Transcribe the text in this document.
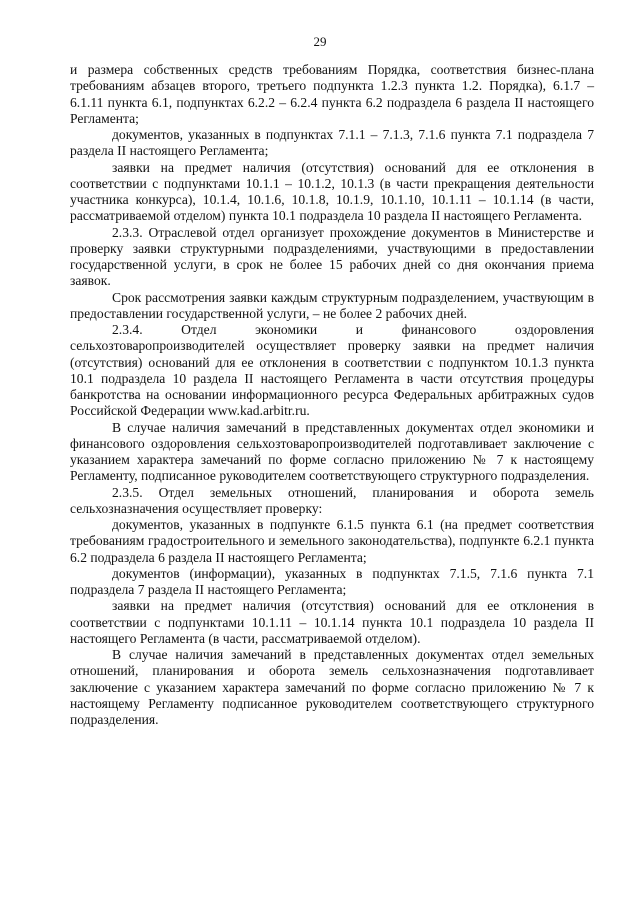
29

и размера собственных средств требованиям Порядка, соответствия бизнес-плана требованиям абзацев второго, третьего подпункта 1.2.3 пункта 1.2. Порядка), 6.1.7 – 6.1.11 пункта 6.1, подпунктах 6.2.2 – 6.2.4 пункта 6.2 подраздела 6 раздела II настоящего Регламента;

документов, указанных в подпунктах 7.1.1 – 7.1.3, 7.1.6 пункта 7.1 подраздела 7 раздела II настоящего Регламента;

заявки на предмет наличия (отсутствия) оснований для ее отклонения в соответствии с подпунктами 10.1.1 – 10.1.2, 10.1.3 (в части прекращения деятельности участника конкурса), 10.1.4, 10.1.6, 10.1.8, 10.1.9, 10.1.10, 10.1.11 – 10.1.14 (в части, рассматриваемой отделом) пункта 10.1 подраздела 10 раздела II настоящего Регламента.

2.3.3. Отраслевой отдел организует прохождение документов в Министерстве и проверку заявки структурными подразделениями, участвующими в предоставлении государственной услуги, в срок не более 15 рабочих дней со дня окончания приема заявок.

Срок рассмотрения заявки каждым структурным подразделением, участвующим в предоставлении государственной услуги, – не более 2 рабочих дней.

2.3.4. Отдел экономики и финансового оздоровления сельхозтоваропроизводителей осуществляет проверку заявки на предмет наличия (отсутствия) оснований для ее отклонения в соответствии с подпунктом 10.1.3 пункта 10.1 подраздела 10 раздела II настоящего Регламента в части отсутствия процедуры банкротства на основании информационного ресурса Федеральных арбитражных судов Российской Федерации www.kad.arbitr.ru.

В случае наличия замечаний в представленных документах отдел экономики и финансового оздоровления сельхозтоваропроизводителей подготавливает заключение с указанием характера замечаний по форме согласно приложению № 7 к настоящему Регламенту, подписанное руководителем соответствующего структурного подразделения.

2.3.5. Отдел земельных отношений, планирования и оборота земель сельхозназначения осуществляет проверку:

документов, указанных в подпункте 6.1.5 пункта 6.1 (на предмет соответствия требованиям градостроительного и земельного законодательства), подпункте 6.2.1 пункта 6.2 подраздела 6 раздела II настоящего Регламента;

документов (информации), указанных в подпунктах 7.1.5, 7.1.6 пункта 7.1 подраздела 7 раздела II настоящего Регламента;

заявки на предмет наличия (отсутствия) оснований для ее отклонения в соответствии с подпунктами 10.1.11 – 10.1.14 пункта 10.1 подраздела 10 раздела II настоящего Регламента (в части, рассматриваемой отделом).

В случае наличия замечаний в представленных документах отдел земельных отношений, планирования и оборота земель сельхозназначения подготавливает заключение с указанием характера замечаний по форме согласно приложению № 7 к настоящему Регламенту подписанное руководителем соответствующего структурного подразделения.
